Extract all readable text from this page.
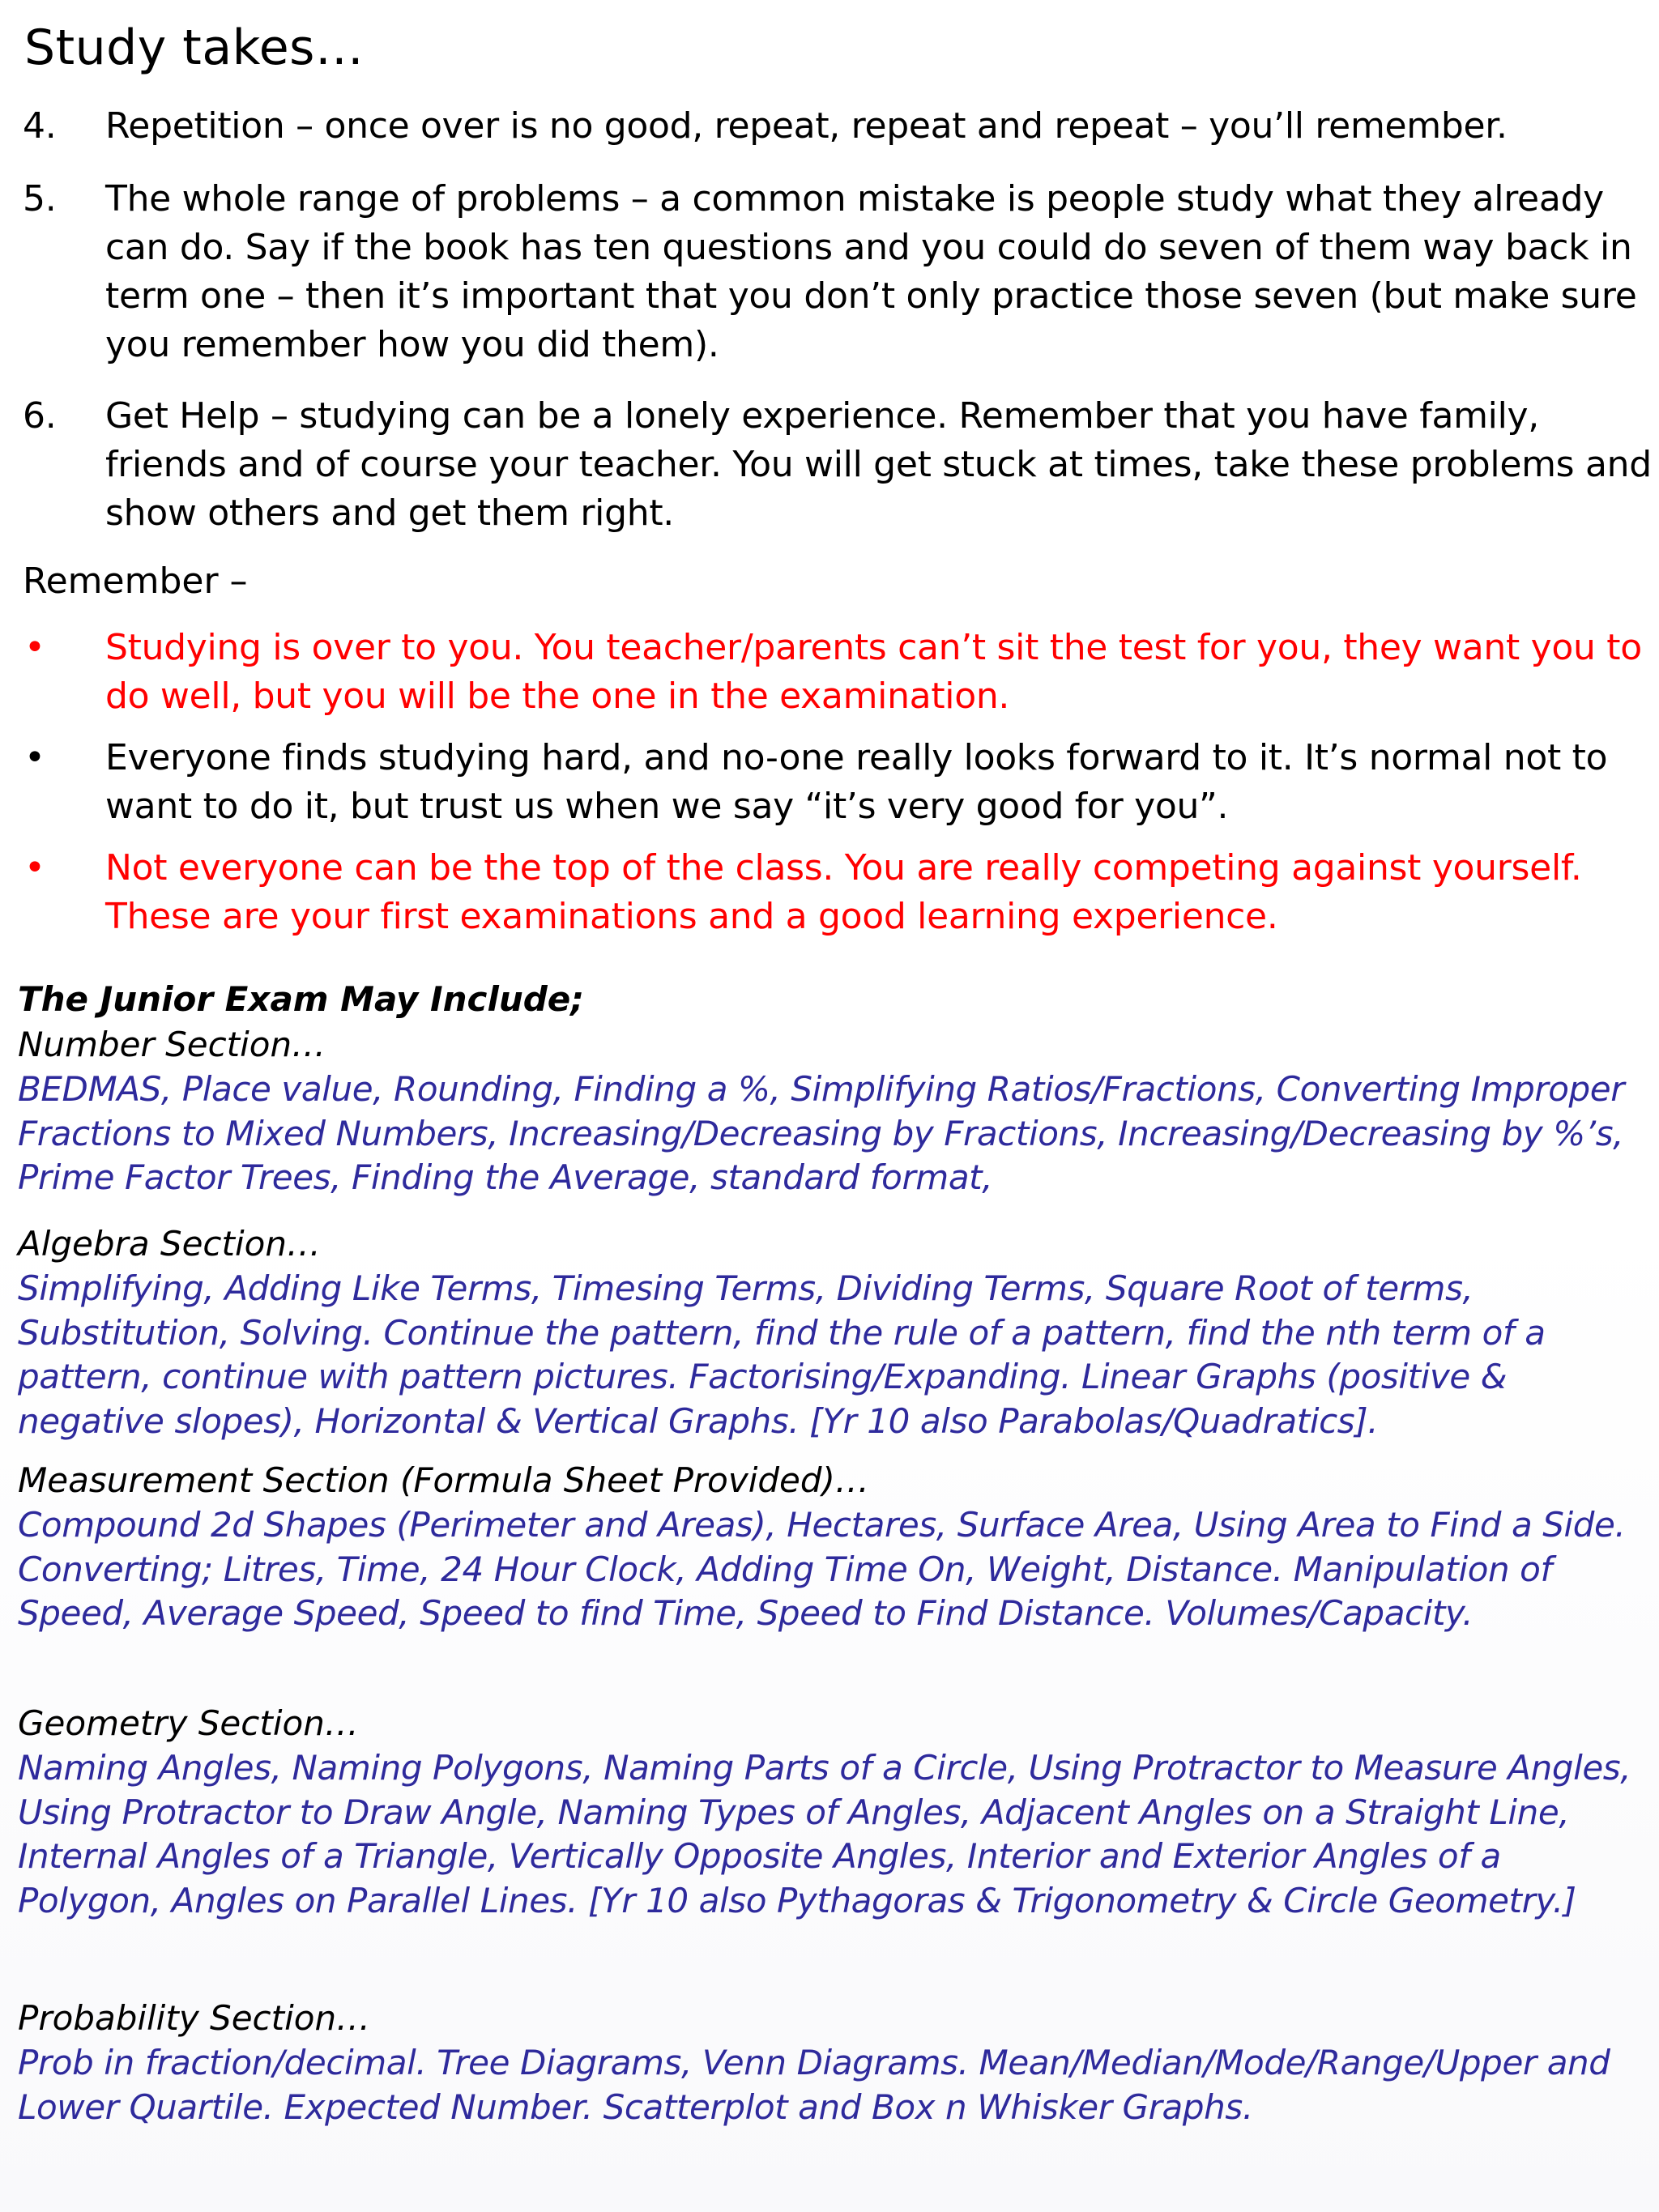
Study takes…
4. Repetition – once over is no good, repeat, repeat and repeat – you’ll remember.
5. The whole range of problems – a common mistake is people study what they already can do. Say if the book has ten questions and you could do seven of them way back in term one – then it’s important that you don’t only practice those seven (but make sure you remember how you did them).
6. Get Help – studying can be a lonely experience. Remember that you have family, friends and of course your teacher. You will get stuck at times, take these problems and show others and get them right.
Remember –
• Studying is over to you. You teacher/parents can’t sit the test for you, they want you to do well, but you will be the one in the examination.
• Everyone finds studying hard, and no-one really looks forward to it. It’s normal not to want to do it, but trust us when we say “it’s very good for you”.
• Not everyone can be the top of the class. You are really competing against yourself. These are your first examinations and a good learning experience.
The Junior Exam May Include;
Number Section…
BEDMAS, Place value, Rounding, Finding a %, Simplifying Ratios/Fractions, Converting Improper Fractions to Mixed Numbers, Increasing/Decreasing by Fractions, Increasing/Decreasing by %’s, Prime Factor Trees, Finding the Average, standard format,
Algebra Section…
Simplifying, Adding Like Terms, Timesing Terms, Dividing Terms, Square Root of terms, Substitution, Solving. Continue the pattern, find the rule of a pattern, find the nth term of a pattern, continue with pattern pictures. Factorising/Expanding. Linear Graphs (positive & negative slopes), Horizontal & Vertical Graphs. [Yr 10 also Parabolas/Quadratics].
Measurement Section (Formula Sheet Provided)…
Compound 2d Shapes (Perimeter and Areas), Hectares, Surface Area, Using Area to Find a Side. Converting; Litres, Time, 24 Hour Clock, Adding Time On, Weight, Distance. Manipulation of Speed, Average Speed, Speed to find Time, Speed to Find Distance. Volumes/Capacity.
Geometry Section…
Naming Angles, Naming Polygons, Naming Parts of a Circle, Using Protractor to Measure Angles, Using Protractor to Draw Angle, Naming Types of Angles, Adjacent Angles on a Straight Line, Internal Angles of a Triangle, Vertically Opposite Angles, Interior and Exterior Angles of a Polygon, Angles on Parallel Lines. [Yr 10 also Pythagoras & Trigonometry & Circle Geometry.]
Probability Section…
Prob in fraction/decimal. Tree Diagrams, Venn Diagrams. Mean/Median/Mode/Range/Upper and Lower Quartile. Expected Number. Scatterplot and Box n Whisker Graphs.
